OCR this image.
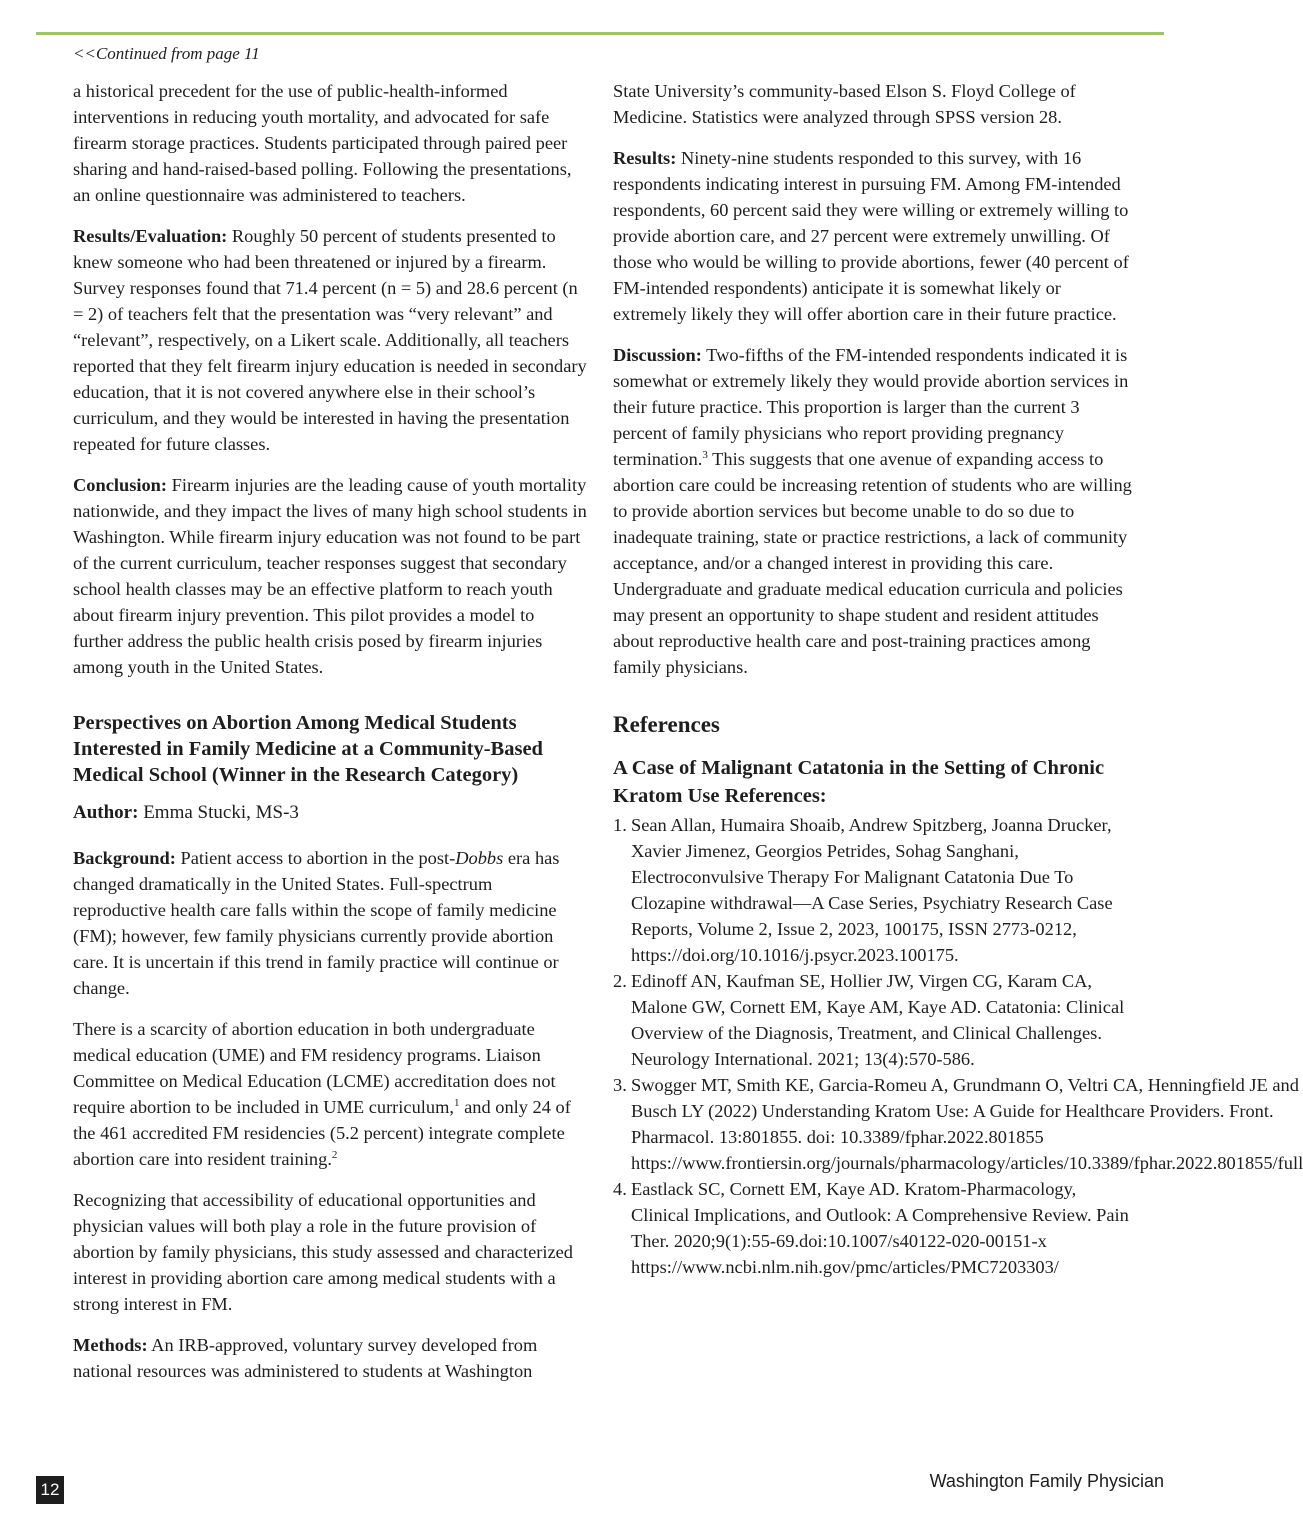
<<Continued from page 11

a historical precedent for the use of public-health-informed interventions in reducing youth mortality, and advocated for safe firearm storage practices. Students participated through paired peer sharing and hand-raised-based polling. Following the presentations, an online questionnaire was administered to teachers.

Results/Evaluation: Roughly 50 percent of students presented to knew someone who had been threatened or injured by a firearm. Survey responses found that 71.4 percent (n = 5) and 28.6 percent (n = 2) of teachers felt that the presentation was “very relevant” and “relevant”, respectively, on a Likert scale. Additionally, all teachers reported that they felt firearm injury education is needed in secondary education, that it is not covered anywhere else in their school’s curriculum, and they would be interested in having the presentation repeated for future classes.

Conclusion: Firearm injuries are the leading cause of youth mortality nationwide, and they impact the lives of many high school students in Washington. While firearm injury education was not found to be part of the current curriculum, teacher responses suggest that secondary school health classes may be an effective platform to reach youth about firearm injury prevention. This pilot provides a model to further address the public health crisis posed by firearm injuries among youth in the United States.

Perspectives on Abortion Among Medical Students Interested in Family Medicine at a Community-Based Medical School (Winner in the Research Category)
Author: Emma Stucki, MS-3

Background: Patient access to abortion in the post-Dobbs era has changed dramatically in the United States. Full-spectrum reproductive health care falls within the scope of family medicine (FM); however, few family physicians currently provide abortion care. It is uncertain if this trend in family practice will continue or change.

There is a scarcity of abortion education in both undergraduate medical education (UME) and FM residency programs. Liaison Committee on Medical Education (LCME) accreditation does not require abortion to be included in UME curriculum,$^1$ and only 24 of the 461 accredited FM residencies (5.2 percent) integrate complete abortion care into resident training.$^2$

Recognizing that accessibility of educational opportunities and physician values will both play a role in the future provision of abortion by family physicians, this study assessed and characterized interest in providing abortion care among medical students with a strong interest in FM.

Methods: An IRB-approved, voluntary survey developed from national resources was administered to students at Washington

State University’s community-based Elson S. Floyd College of Medicine. Statistics were analyzed through SPSS version 28.

Results: Ninety-nine students responded to this survey, with 16 respondents indicating interest in pursuing FM. Among FM-intended respondents, 60 percent said they were willing or extremely willing to provide abortion care, and 27 percent were extremely unwilling. Of those who would be willing to provide abortions, fewer (40 percent of FM-intended respondents) anticipate it is somewhat likely or extremely likely they will offer abortion care in their future practice.

Discussion: Two-fifths of the FM-intended respondents indicated it is somewhat or extremely likely they would provide abortion services in their future practice. This proportion is larger than the current 3 percent of family physicians who report providing pregnancy termination.$^3$ This suggests that one avenue of expanding access to abortion care could be increasing retention of students who are willing to provide abortion services but become unable to do so due to inadequate training, state or practice restrictions, a lack of community acceptance, and/or a changed interest in providing this care. Undergraduate and graduate medical education curricula and policies may present an opportunity to shape student and resident attitudes about reproductive health care and post-training practices among family physicians.

References
A Case of Malignant Catatonia in the Setting of Chronic Kratom Use References:
1. Sean Allan, Humaira Shoaib, Andrew Spitzberg, Joanna Drucker, Xavier Jimenez, Georgios Petrides, Sohag Sanghani, Electroconvulsive Therapy For Malignant Catatonia Due To Clozapine withdrawal—A Case Series, Psychiatry Research Case Reports, Volume 2, Issue 2, 2023, 100175, ISSN 2773-0212, https://doi.org/10.1016/j.psycr.2023.100175.
2. Edinoff AN, Kaufman SE, Hollier JW, Virgen CG, Karam CA, Malone GW, Cornett EM, Kaye AM, Kaye AD. Catatonia: Clinical Overview of the Diagnosis, Treatment, and Clinical Challenges. Neurology International. 2021; 13(4):570-586.
3. Swogger MT, Smith KE, Garcia-Romeu A, Grundmann O, Veltri CA, Henningfield JE and Busch LY (2022) Understanding Kratom Use: A Guide for Healthcare Providers. Front. Pharmacol. 13:801855. doi: 10.3389/fphar.2022.801855 https://www.frontiersin.org/journals/pharmacology/articles/10.3389/fphar.2022.801855/full
4. Eastlack SC, Cornett EM, Kaye AD. Kratom-Pharmacology, Clinical Implications, and Outlook: A Comprehensive Review. Pain Ther. 2020;9(1):55-69.doi:10.1007/s40122-020-00151-x https://www.ncbi.nlm.nih.gov/pmc/articles/PMC7203303/
12	Washington Family Physician
